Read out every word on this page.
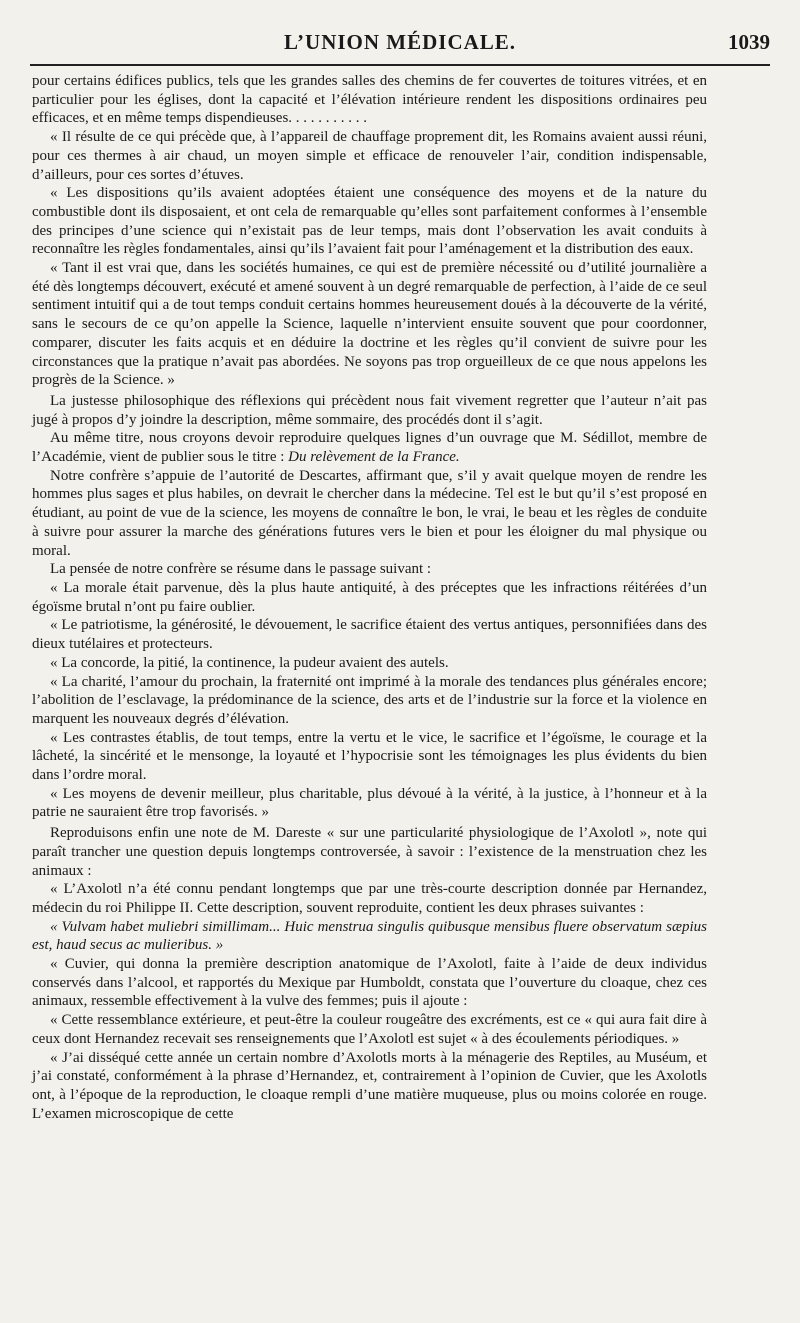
L’UNION MÉDICALE.	1039

pour certains édifices publics, tels que les grandes salles des chemins de fer couvertes de toitures vitrées, et en particulier pour les églises, dont la capacité et l’élévation intérieure rendent les dispositions ordinaires peu efficaces, et en même temps dispendieuses. . . . . . . . . . .

« Il résulte de ce qui précède que, à l’appareil de chauffage proprement dit, les Romains avaient aussi réuni, pour ces thermes à air chaud, un moyen simple et efficace de renouveler l’air, condition indispensable, d’ailleurs, pour ces sortes d’étuves.

« Les dispositions qu’ils avaient adoptées étaient une conséquence des moyens et de la nature du combustible dont ils disposaient, et ont cela de remarquable qu’elles sont parfaitement conformes à l’ensemble des principes d’une science qui n’existait pas de leur temps, mais dont l’observation les avait conduits à reconnaître les règles fondamentales, ainsi qu’ils l’avaient fait pour l’aménagement et la distribution des eaux.

« Tant il est vrai que, dans les sociétés humaines, ce qui est de première nécessité ou d’utilité journalière a été dès longtemps découvert, exécuté et amené souvent à un degré remarquable de perfection, à l’aide de ce seul sentiment intuitif qui a de tout temps conduit certains hommes heureusement doués à la découverte de la vérité, sans le secours de ce qu’on appelle la Science, laquelle n’intervient ensuite souvent que pour coordonner, comparer, discuter les faits acquis et en déduire la doctrine et les règles qu’il convient de suivre pour les circonstances que la pratique n’avait pas abordées. Ne soyons pas trop orgueilleux de ce que nous appelons les progrès de la Science. »

La justesse philosophique des réflexions qui précèdent nous fait vivement regretter que l’auteur n’ait pas jugé à propos d’y joindre la description, même sommaire, des procédés dont il s’agit.

Au même titre, nous croyons devoir reproduire quelques lignes d’un ouvrage que M. Sédillot, membre de l’Académie, vient de publier sous le titre : Du relèvement de la France.

Notre confrère s’appuie de l’autorité de Descartes, affirmant que, s’il y avait quelque moyen de rendre les hommes plus sages et plus habiles, on devrait le chercher dans la médecine. Tel est le but qu’il s’est proposé en étudiant, au point de vue de la science, les moyens de connaître le bon, le vrai, le beau et les règles de conduite à suivre pour assurer la marche des générations futures vers le bien et pour les éloigner du mal physique ou moral.

La pensée de notre confrère se résume dans le passage suivant :

« La morale était parvenue, dès la plus haute antiquité, à des préceptes que les infractions réitérées d’un égoïsme brutal n’ont pu faire oublier.

« Le patriotisme, la générosité, le dévouement, le sacrifice étaient des vertus antiques, personnifiées dans des dieux tutélaires et protecteurs.

« La concorde, la pitié, la continence, la pudeur avaient des autels.

« La charité, l’amour du prochain, la fraternité ont imprimé à la morale des tendances plus générales encore; l’abolition de l’esclavage, la prédominance de la science, des arts et de l’industrie sur la force et la violence en marquent les nouveaux degrés d’élévation.

« Les contrastes établis, de tout temps, entre la vertu et le vice, le sacrifice et l’égoïsme, le courage et la lâcheté, la sincérité et le mensonge, la loyauté et l’hypocrisie sont les témoignages les plus évidents du bien dans l’ordre moral.

« Les moyens de devenir meilleur, plus charitable, plus dévoué à la vérité, à la justice, à l’honneur et à la patrie ne sauraient être trop favorisés. »

Reproduisons enfin une note de M. Dareste « sur une particularité physiologique de l’Axolotl », note qui paraît trancher une question depuis longtemps controversée, à savoir : l’existence de la menstruation chez les animaux :

« L’Axolotl n’a été connu pendant longtemps que par une très-courte description donnée par Hernandez, médecin du roi Philippe II. Cette description, souvent reproduite, contient les deux phrases suivantes :

« Vulvam habet muliebri simillimam... Huic menstrua singulis quibusque mensibus fluere observatum sæpius est, haud secus ac mulieribus. »

« Cuvier, qui donna la première description anatomique de l’Axolotl, faite à l’aide de deux individus conservés dans l’alcool, et rapportés du Mexique par Humboldt, constata que l’ouverture du cloaque, chez ces animaux, ressemble effectivement à la vulve des femmes; puis il ajoute :

« Cette ressemblance extérieure, et peut-être la couleur rougeâtre des excréments, est ce « qui aura fait dire à ceux dont Hernandez recevait ses renseignements que l’Axolotl est sujet « à des écoulements périodiques. »

« J’ai disséqué cette année un certain nombre d’Axolotls morts à la ménagerie des Reptiles, au Muséum, et j’ai constaté, conformément à la phrase d’Hernandez, et, contrairement à l’opinion de Cuvier, que les Axolotls ont, à l’époque de la reproduction, le cloaque rempli d’une matière muqueuse, plus ou moins colorée en rouge. L’examen microscopique de cette
